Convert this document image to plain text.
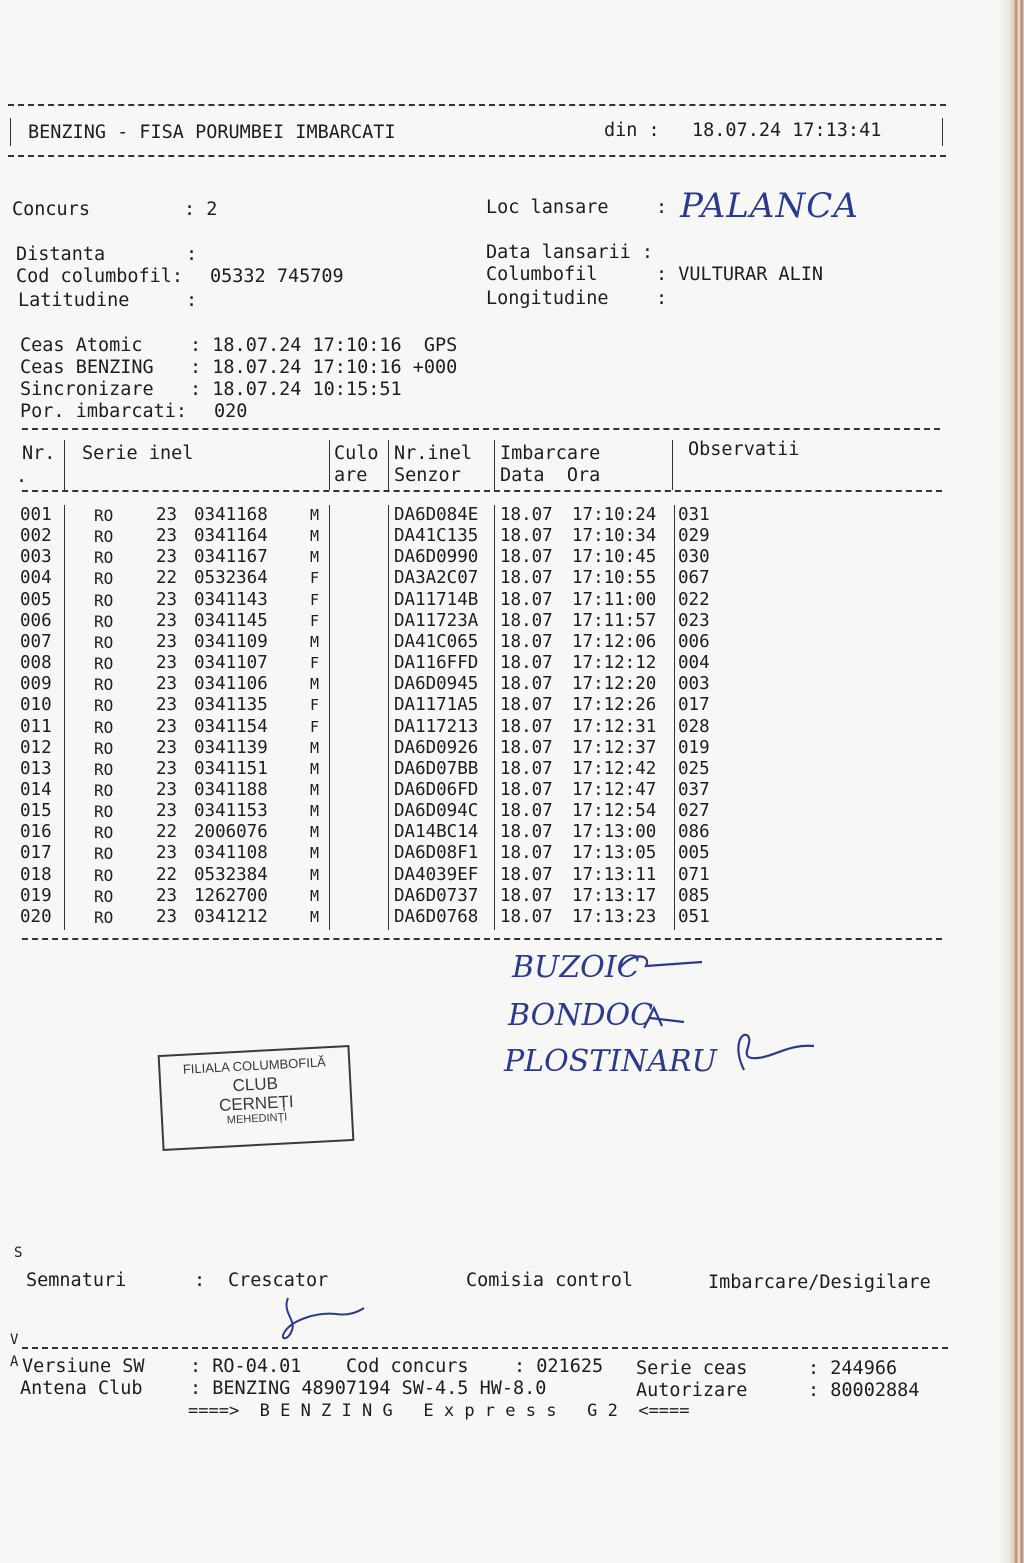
BENZING - FISA PORUMBEI IMBARCATI	din : 18.07.24 17:13:41
Concurs	: 2	Loc lansare	: PALANCA
Distanta	:	Data lansarii :
Cod columbofil: 05332 745709	Columbofil	: VULTURAR ALIN
Latitudine	:	Longitudine	:
Ceas Atomic	: 18.07.24 17:10:16  GPS
Ceas BENZING : 18.07.24 17:10:16 +000
Sincronizare : 18.07.24 10:15:51
Por. imbarcati: 020
Nr.
.
Serie inel	Culo
are
Nr.inel
Senzor
Imbarcare
Data  Ora
Observatii
001	RO 23 0341168	M	DA6D084E 18.07 17:10:24 031
002	RO 23 0341164	M	DA41C135 18.07 17:10:34 029
003	RO 23 0341167	M	DA6D0990 18.07 17:10:45 030
004	RO 22 0532364	F	DA3A2C07 18.07 17:10:55 067
005	RO 23 0341143	F	DA11714B 18.07 17:11:00 022
006	RO 23 0341145	F	DA11723A 18.07 17:11:57 023
007	RO 23 0341109	M	DA41C065 18.07 17:12:06 006
008	RO 23 0341107	F	DA116FFD 18.07 17:12:12 004
009	RO 23 0341106	M	DA6D0945 18.07 17:12:20 003
010	RO 23 0341135	F	DA1171A5 18.07 17:12:26 017
011	RO 23 0341154	F	DA117213 18.07 17:12:31 028
012	RO 23 0341139	M	DA6D0926 18.07 17:12:37 019
013	RO 23 0341151	M	DA6D07BB 18.07 17:12:42 025
014	RO 23 0341188	M	DA6D06FD 18.07 17:12:47 037
015	RO 23 0341153	M	DA6D094C 18.07 17:12:54 027
016	RO 22 2006076	M	DA14BC14 18.07 17:13:00 086
017	RO 23 0341108	M	DA6D08F1 18.07 17:13:05 005
018	RO 22 0532384	M	DA4039EF 18.07 17:13:11 071
019	RO 23 1262700	M	DA6D0737 18.07 17:13:17 085
020	RO 23 0341212	M	DA6D0768 18.07 17:13:23 051
BUZOIC
BONDOC
PLOSTINARU
FILIALA COLUMBOFILĂ
CLUB
CERNEȚI
MEHEDINȚI
S
Semnaturi	: Crescator	Comisia control	Imbarcare/Desigilare
V
A Versiune SW : RO-04.01 Cod concurs : 021625 Serie ceas	: 244966
Antena Club	: BENZING 48907194 SW-4.5 HW-8.0	Autorizare	: 80002884
====>  B E N Z I N G   E x p r e s s   G 2  <====
